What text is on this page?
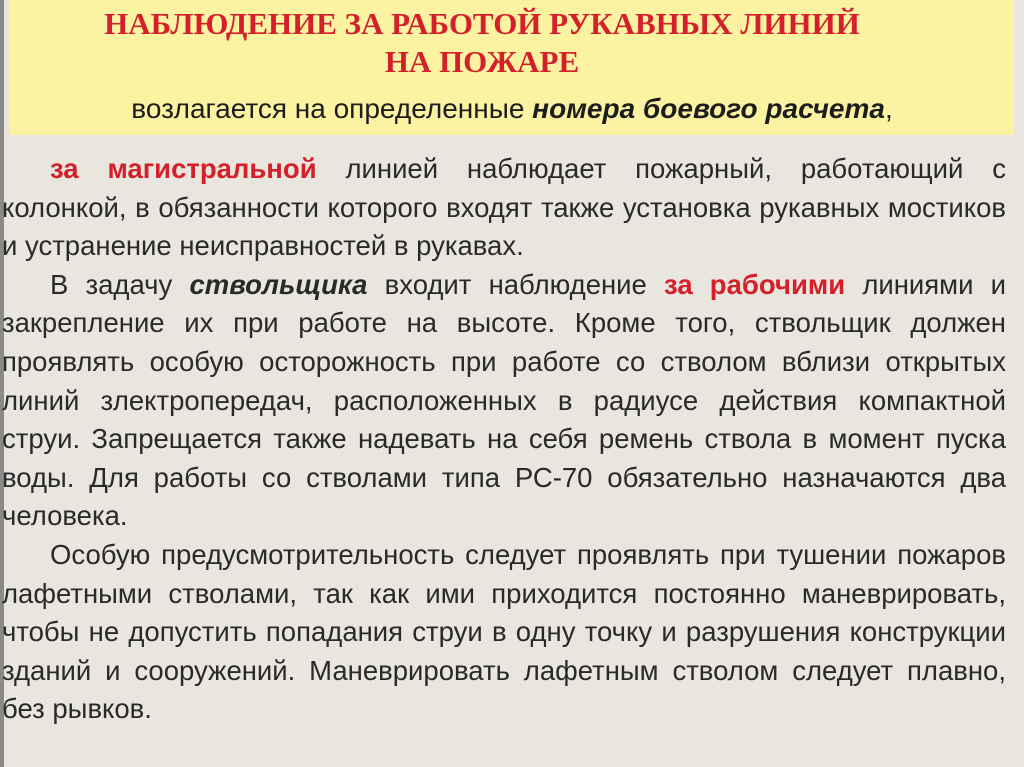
НАБЛЮДЕНИЕ ЗА РАБОТОЙ РУКАВНЫХ ЛИНИЙ
НА ПОЖАРЕ
возлагается на определенные номера боевого расчета,

за магистральной линией наблюдает пожарный, работающий с колонкой, в обязанности которого входят также установка рукавных мостиков и устранение неисправностей в рукавах.

В задачу ствольщика входит наблюдение за рабочими линиями и закрепление их при работе на высоте. Кроме того, ствольщик должен проявлять особую осторожность при работе со стволом вблизи открытых линий злектропередач, расположенных в радиусе действия компактной струи. Запрещается также надевать на себя ремень ствола в момент пуска воды. Для работы со стволами типа РС-70 обязательно назначаются два человека.

Особую предусмотрительность следует проявлять при тушении пожаров лафетными стволами, так как ими приходится постоянно маневрировать, чтобы не допустить попадания струи в одну точку и разрушения конструкции зданий и сооружений. Маневрировать лафетным стволом следует плавно, без рывков.
